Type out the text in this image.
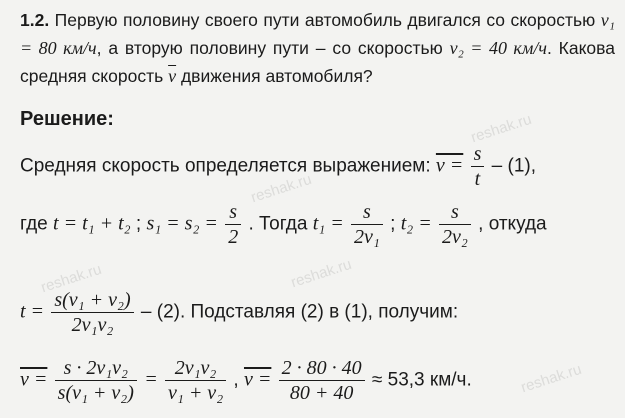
reshak.ru
reshak.ru
reshak.ru	reshak.ru
reshak.ru
1.2. Первую половину своего пути автомобиль двигался со скоростью v₁ = 80 км/ч, а вторую половину пути – со скоростью v₂ = 40 км/ч. Какова средняя скорость $\overline{v}$ движения автомобиля?
Решение:
Средняя скорость определяется выражением: $v = \frac{s}{t} - (1)$,
где t = t₁ + t₂ ; $s_1 = s_2 = \frac{s}{2}$ . Тогда $t_1 = \frac{s}{\text{2v₁}}$ ; $t_2 = \frac{s}{\text{2v₂}}$ , откуда
$t = \frac{\text{s(v₁ + v₂)}}{\text{2v₁v₂}} - (2)$. Подставляя (2) в (1), получим:
$v = \frac{\text{s · 2v₁v₂}}{\text{s(v₁ + v₂)}} = \frac{\text{2v₁v₂}}{\text{v₁ + v₂}}$ , $v = \frac{2 \cdot 80 \cdot 40}{80 + 40} \approx 53,3$ км/ч.
